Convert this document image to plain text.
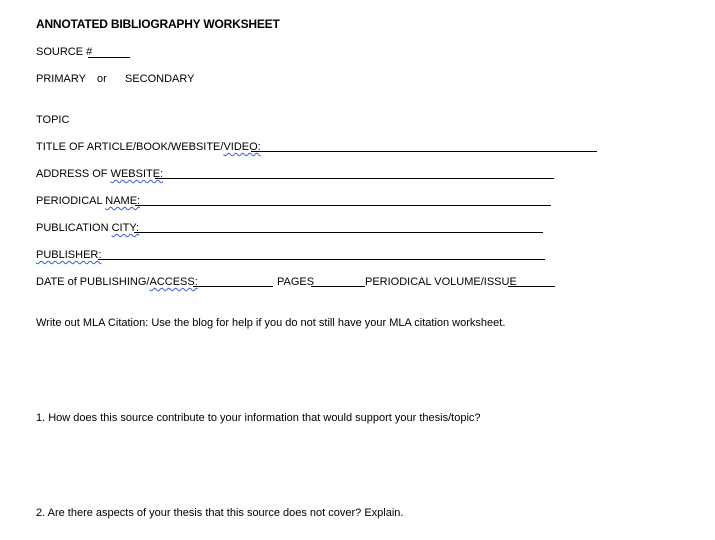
ANNOTATED BIBLIOGRAPHY WORKSHEET
SOURCE #
PRIMARY or SECONDARY
TOPIC
TITLE OF ARTICLE/BOOK/WEBSITE/VIDEO:
ADDRESS OF WEBSITE:
PERIODICAL NAME:
PUBLICATION CITY:
PUBLISHER:
DATE of PUBLISHING/ACCESS:	PAGES	PERIODICAL VOLUME/ISSUE
Write out MLA Citation: Use the blog for help if you do not still have your MLA citation worksheet.
1. How does this source contribute to your information that would support your thesis/topic?
2. Are there aspects of your thesis that this source does not cover? Explain.
